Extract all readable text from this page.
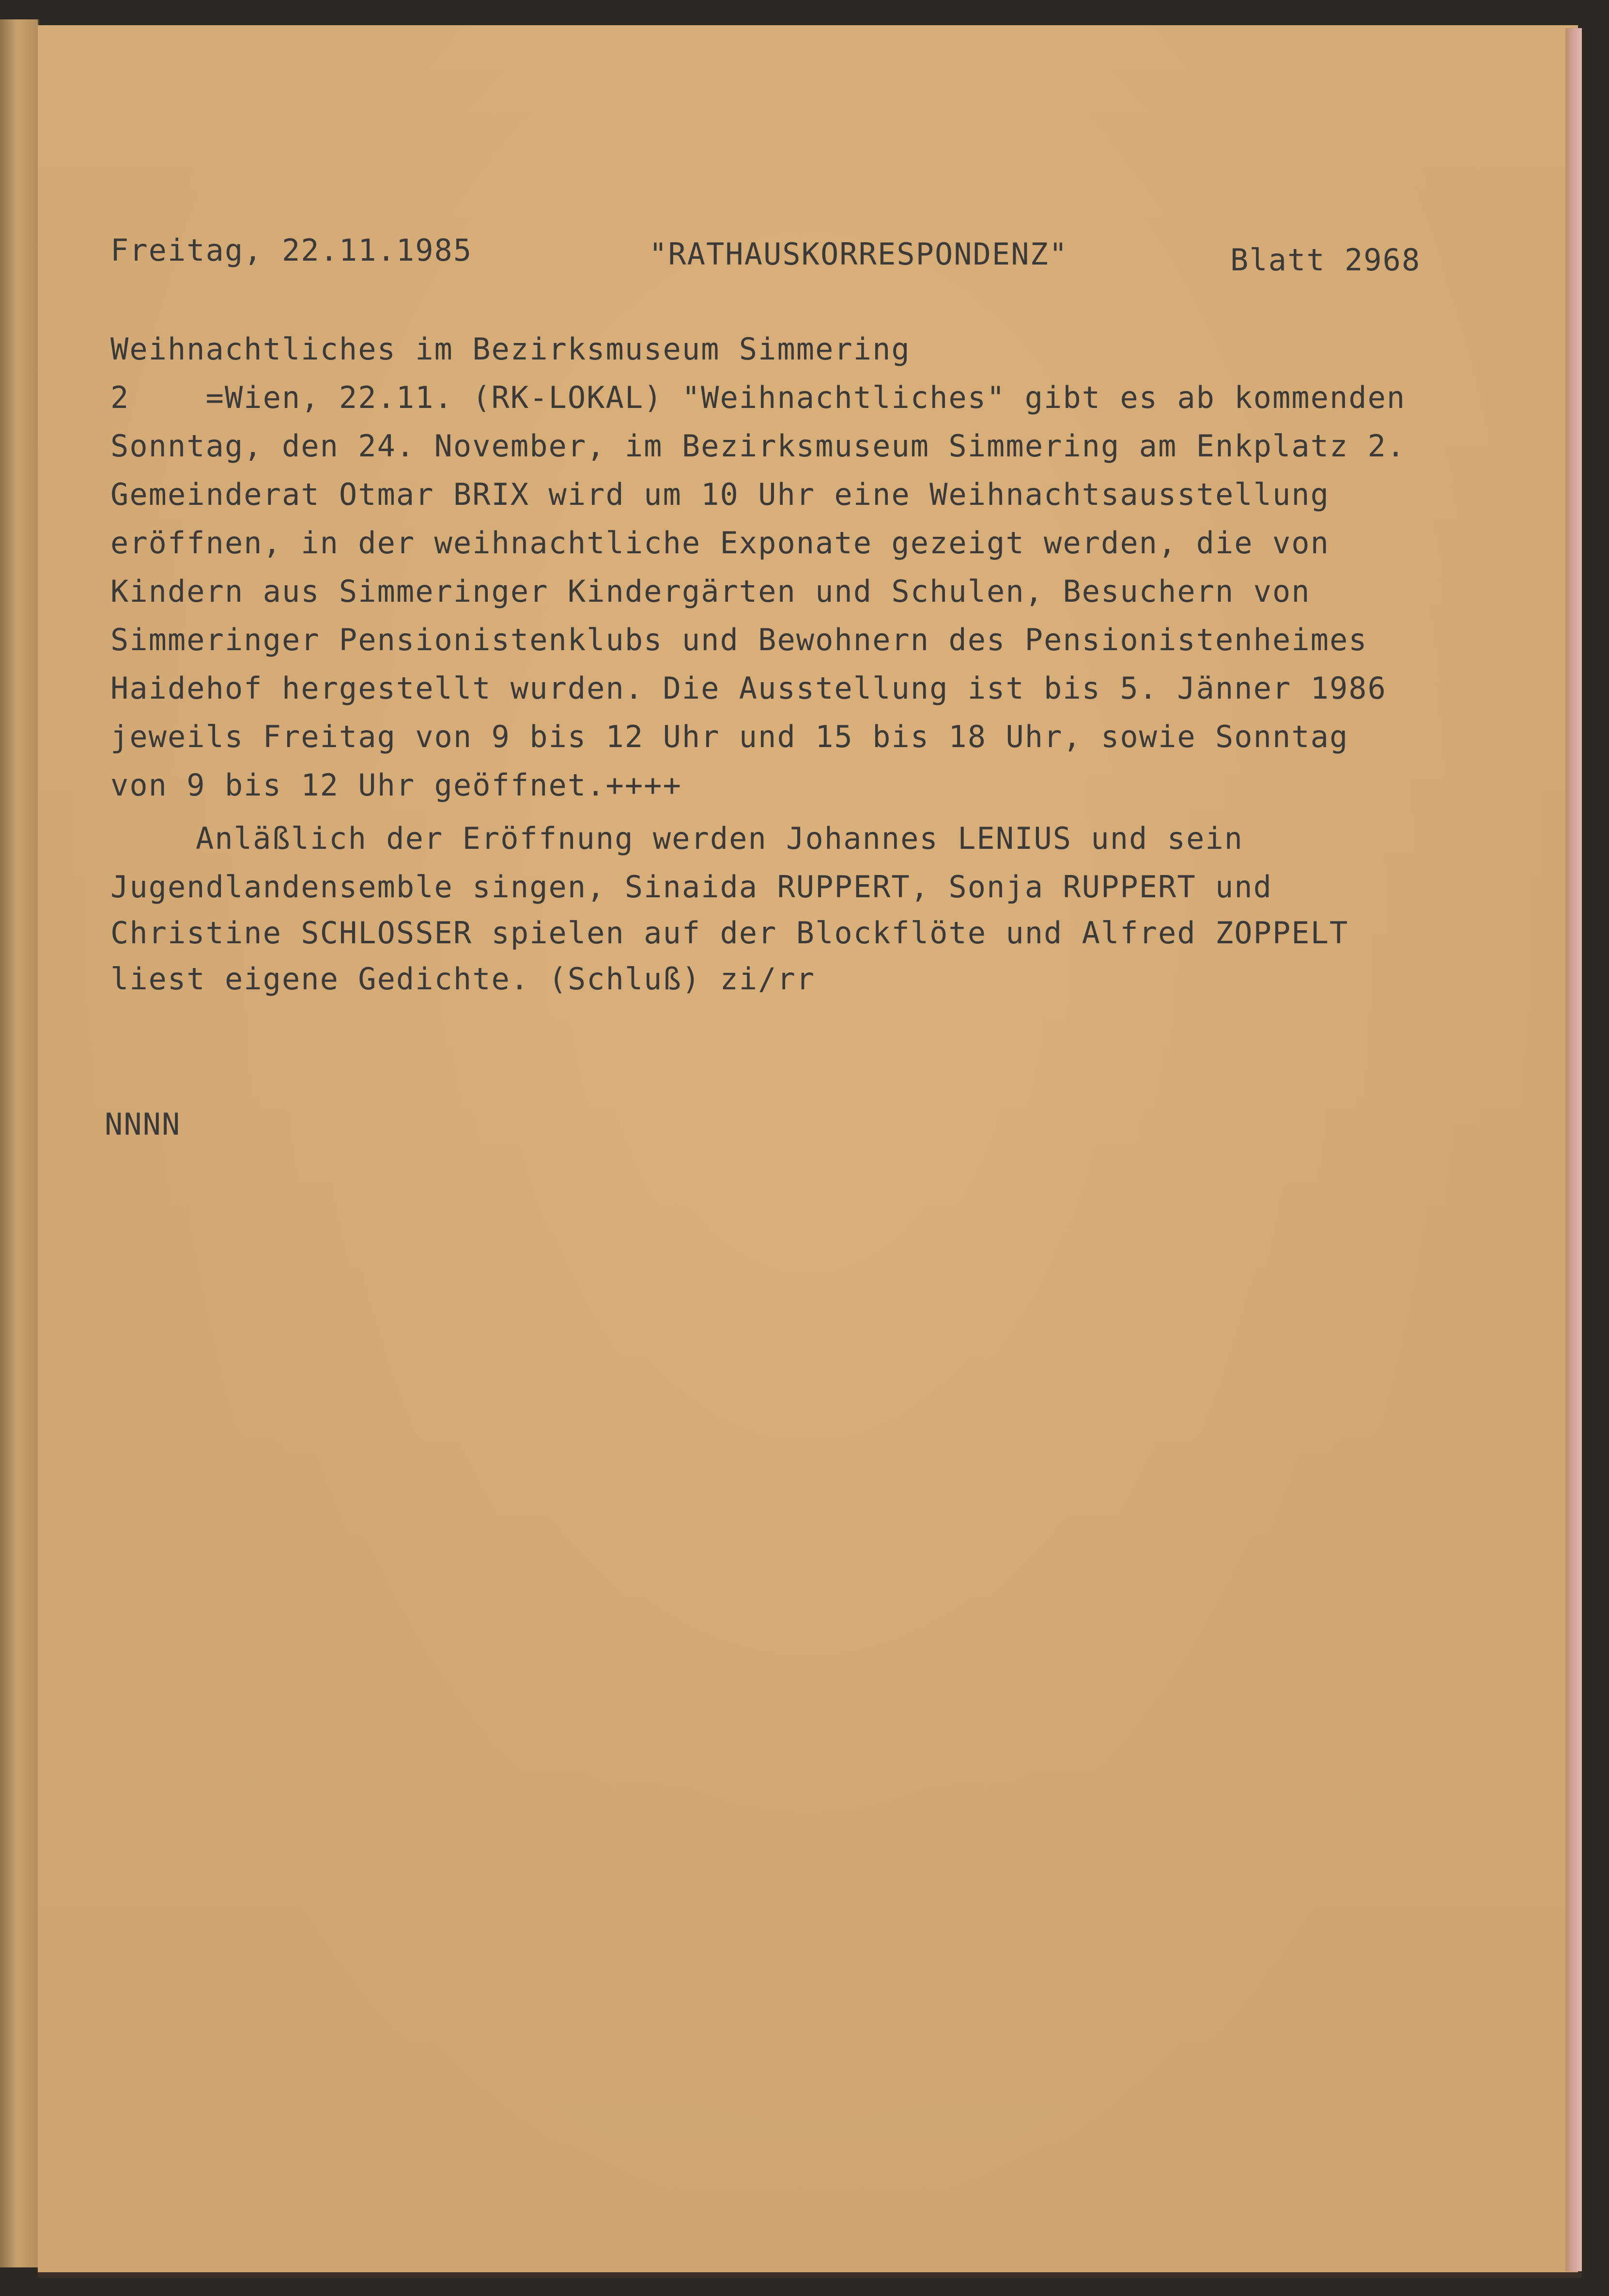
Freitag, 22.11.1985	"RATHAUSKORRESPONDENZ"	Blatt 2968
Weihnachtliches im Bezirksmuseum Simmering
2    =Wien, 22.11. (RK-LOKAL) "Weihnachtliches" gibt es ab kommenden
Sonntag, den 24. November, im Bezirksmuseum Simmering am Enkplatz 2.
Gemeinderat Otmar BRIX wird um 10 Uhr eine Weihnachtsausstellung
eröffnen, in der weihnachtliche Exponate gezeigt werden, die von
Kindern aus Simmeringer Kindergärten und Schulen, Besuchern von
Simmeringer Pensionistenklubs und Bewohnern des Pensionistenheimes
Haidehof hergestellt wurden. Die Ausstellung ist bis 5. Jänner 1986
jeweils Freitag von 9 bis 12 Uhr und 15 bis 18 Uhr, sowie Sonntag
von 9 bis 12 Uhr geöffnet.++++
Anläßlich der Eröffnung werden Johannes LENIUS und sein
Jugendlandensemble singen, Sinaida RUPPERT, Sonja RUPPERT und
Christine SCHLOSSER spielen auf der Blockflöte und Alfred ZOPPELT
liest eigene Gedichte. (Schluß) zi/rr
NNNN
